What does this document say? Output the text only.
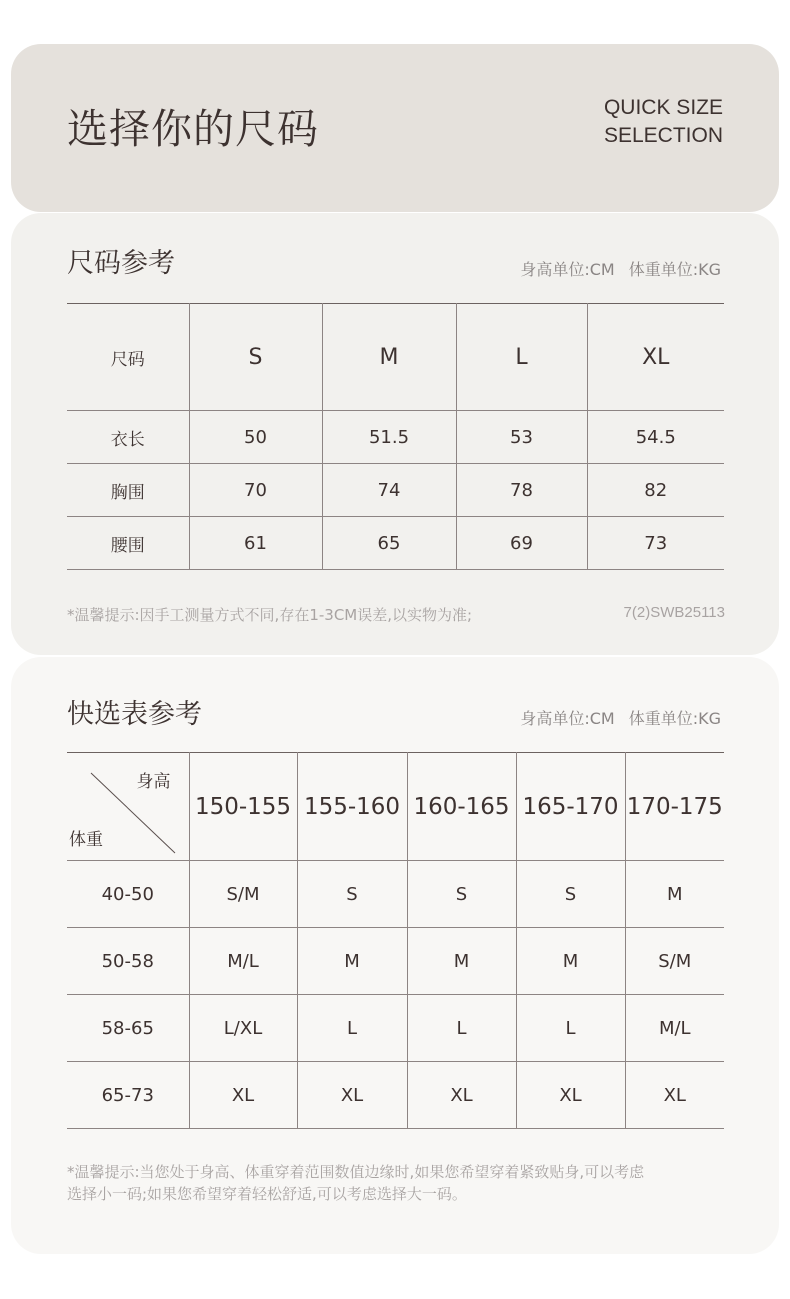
选择你的尺码	QUICK SIZE
SELECTION
尺码参考	身高单位:CM 体重单位:KG
尺码	S	M	L	XL
衣长	50	51.5	53	54.5
胸围	70	74	78	82
腰围	61	65	69	73
*温馨提示:因手工测量方式不同,存在1-3CM误差,以实物为准;	7(2)SWB25113
快选表参考	身高单位:CM 体重单位:KG
身高
体重	150-155	155-160	160-165	165-170	170-175
40-50	S/M	S	S	S	M
50-58	M/L	M	M	M	S/M
58-65	L/XL	L	L	L	M/L
65-73	XL	XL	XL	XL	XL
*温馨提示:当您处于身高、体重穿着范围数值边缘时,如果您希望穿着紧致贴身,可以考虑
选择小一码;如果您希望穿着轻松舒适,可以考虑选择大一码。
